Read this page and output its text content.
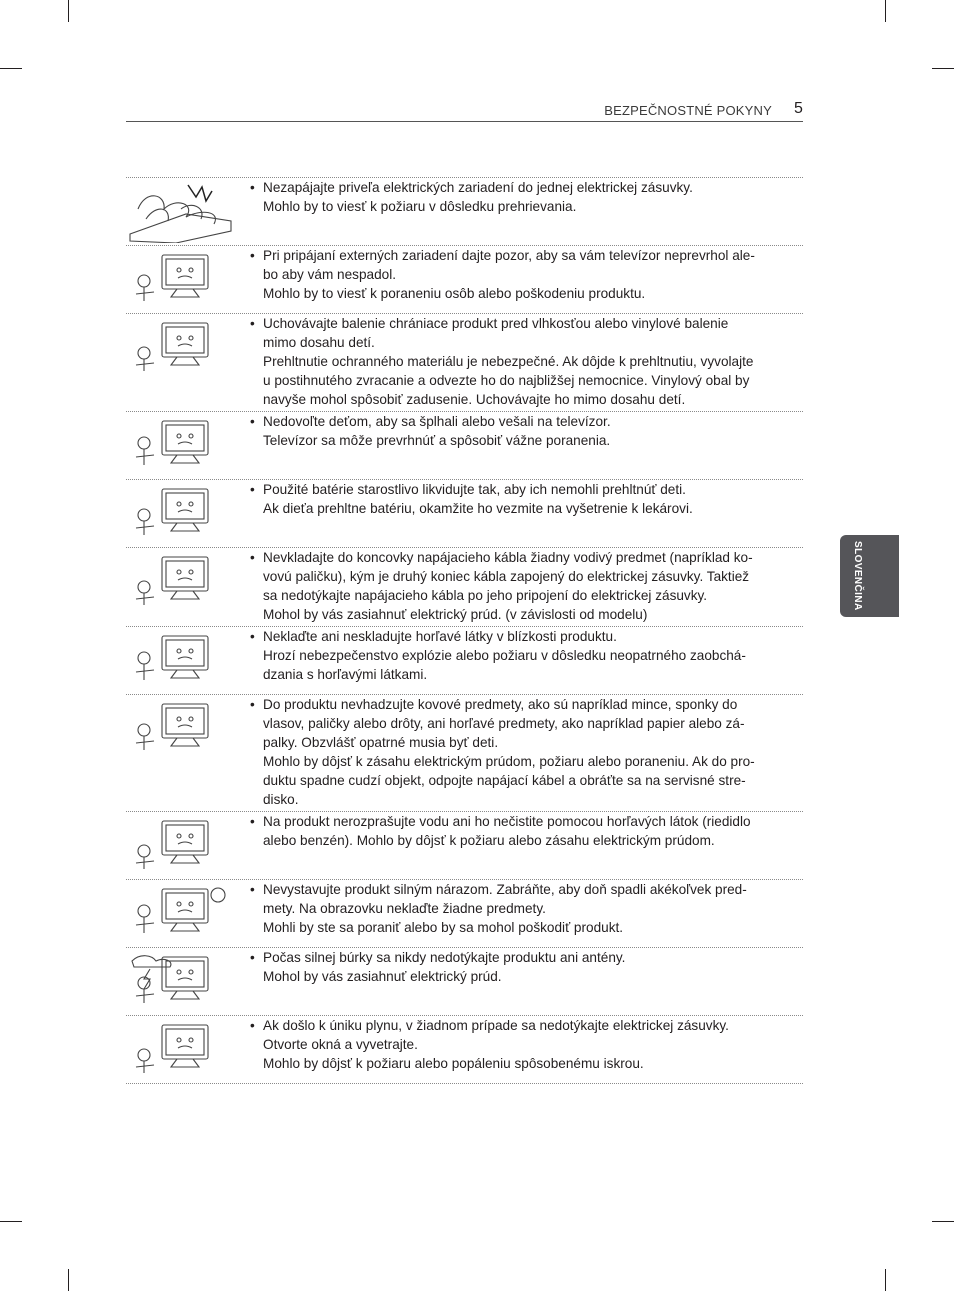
BEZPEČNOSTNÉ POKYNY 5
SLOVENČINA
• Nezapájajte priveľa elektrických zariadení do jednej elektrickej zásuvky.

Mohlo by to viesť k požiaru v dôsledku prehrievania.

• Pri pripájaní externých zariadení dajte pozor, aby sa vám televízor neprevrhol ale-

bo aby vám nespadol.

Mohlo by to viesť k poraneniu osôb alebo poškodeniu produktu.

• Uchovávajte balenie chrániace produkt pred vlhkosťou alebo vinylové balenie

mimo dosahu detí.

Prehltnutie ochranného materiálu je nebezpečné. Ak dôjde k prehltnutiu, vyvolajte

u postihnutého zvracanie a odvezte ho do najbližšej nemocnice. Vinylový obal by

navyše mohol spôsobiť zadusenie. Uchovávajte ho mimo dosahu detí.

• Nedovoľte deťom, aby sa šplhali alebo vešali na televízor.

Televízor sa môže prevrhnúť a spôsobiť vážne poranenia.

• Použité batérie starostlivo likvidujte tak, aby ich nemohli prehltnúť deti.

Ak dieťa prehltne batériu, okamžite ho vezmite na vyšetrenie k lekárovi.

• Nevkladajte do koncovky napájacieho kábla žiadny vodivý predmet (napríklad ko-

vovú paličku), kým je druhý koniec kábla zapojený do elektrickej zásuvky. Taktiež

sa nedotýkajte napájacieho kábla po jeho pripojení do elektrickej zásuvky.

Mohol by vás zasiahnuť elektrický prúd. (v závislosti od modelu)

• Neklaďte ani neskladujte horľavé látky v blízkosti produktu.

Hrozí nebezpečenstvo explózie alebo požiaru v dôsledku neopatrného zaobchá-

dzania s horľavými látkami.

• Do produktu nevhadzujte kovové predmety, ako sú napríklad mince, sponky do

vlasov, paličky alebo drôty, ani horľavé predmety, ako napríklad papier alebo zá-

palky. Obzvlášť opatrné musia byť deti.

Mohlo by dôjsť k zásahu elektrickým prúdom, požiaru alebo poraneniu. Ak do pro-

duktu spadne cudzí objekt, odpojte napájací kábel a obráťte sa na servisné stre-

disko.

• Na produkt nerozprašujte vodu ani ho nečistite pomocou horľavých látok (riedidlo

alebo benzén). Mohlo by dôjsť k požiaru alebo zásahu elektrickým prúdom.

• Nevystavujte produkt silným nárazom. Zabráňte, aby doň spadli akékoľvek pred-

mety. Na obrazovku neklaďte žiadne predmety.

Mohli by ste sa poraniť alebo by sa mohol poškodiť produkt.

• Počas silnej búrky sa nikdy nedotýkajte produktu ani antény.

Mohol by vás zasiahnuť elektrický prúd.

• Ak došlo k úniku plynu, v žiadnom prípade sa nedotýkajte elektrickej zásuvky.

Otvorte okná a vyvetrajte.

Mohlo by dôjsť k požiaru alebo popáleniu spôsobenému iskrou.
